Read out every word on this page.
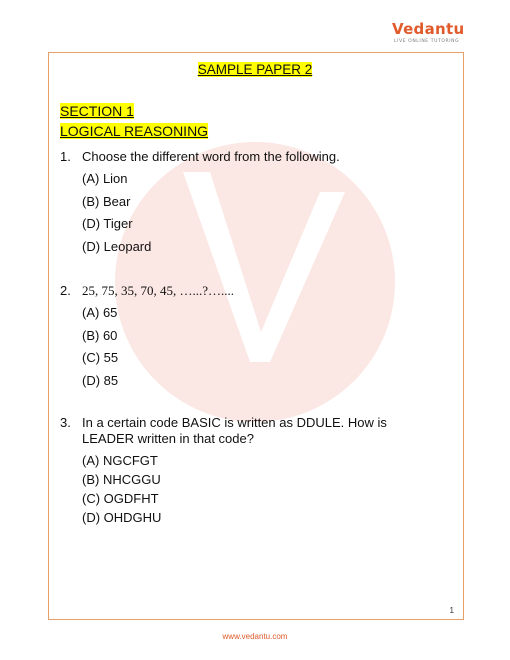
Vedantu
LIVE ONLINE TUTORING
SAMPLE PAPER 2
SECTION 1
LOGICAL REASONING
1. Choose the different word from the following.
(A) Lion
(B) Bear
(D) Tiger
(D) Leopard
2. 25, 75, 35, 70, 45, …...?…....
(A) 65
(B) 60
(C) 55
(D) 85
3. In a certain code BASIC is written as DDULE. How is LEADER written in that code?
(A) NGCFGT
(B) NHCGGU
(C) OGDFHT
(D) OHDGHU
1
www.vedantu.com
